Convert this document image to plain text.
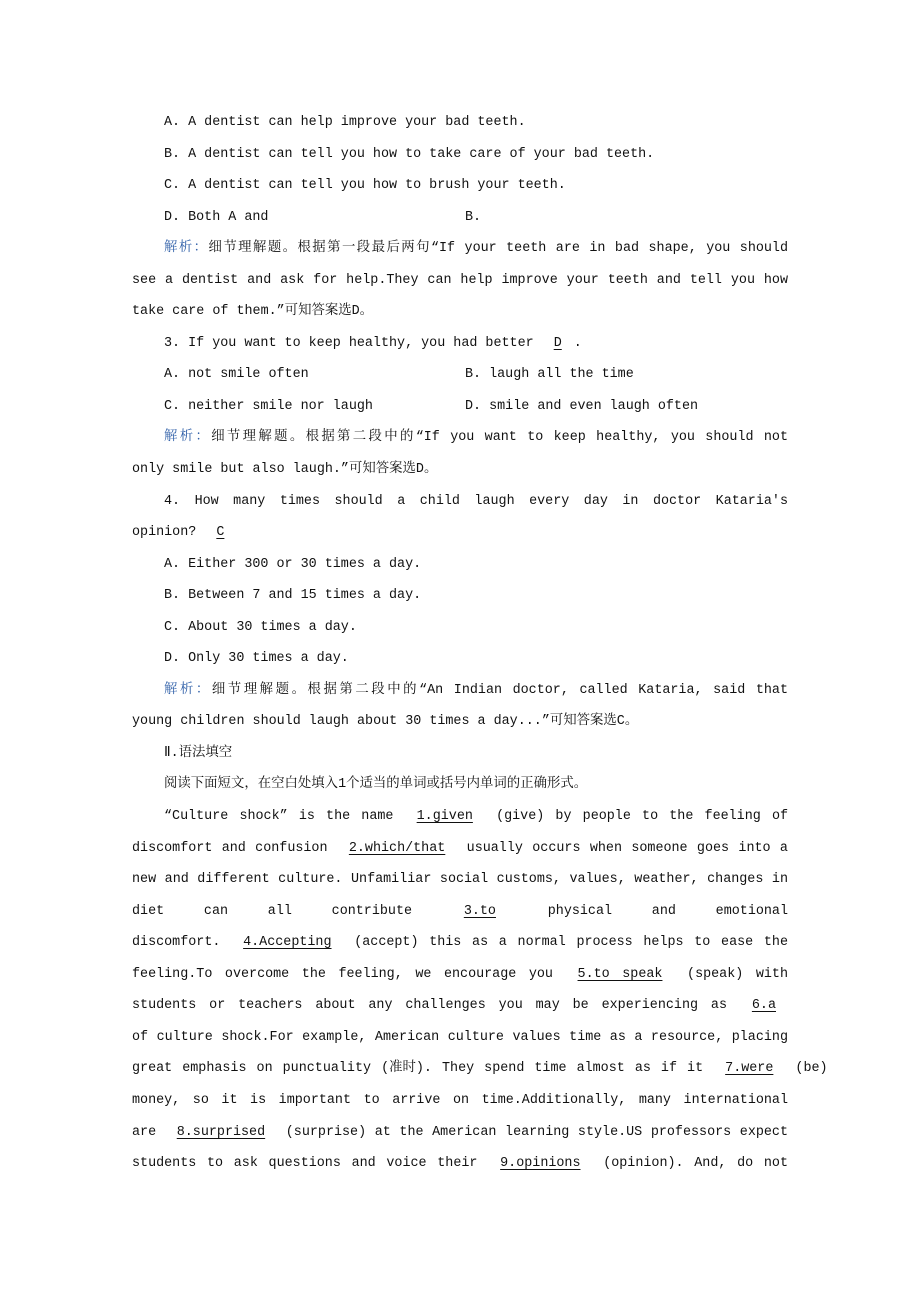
A. A dentist can help improve your bad teeth.
B. A dentist can tell you how to take care of your bad teeth.
C. A dentist can tell you how to brush your teeth.
D. Both A and	B.
解析：细节理解题。根据第一段最后两句“If your teeth are in bad shape, you should
see a dentist and ask for help.They can help improve your teeth and tell you how
take care of them.”可知答案选D。
3. If you want to keep healthy, you had better D .
A. not smile often	B. laugh all the time
C. neither smile nor laugh	D. smile and even laugh often
解析：细节理解题。根据第二段中的“If you want to keep healthy, you should not
only smile but also laugh.”可知答案选D。
4. How many times should a child laugh every day in doctor Kataria's
opinion? C
A. Either 300 or 30 times a day.
B. Between 7 and 15 times a day.
C. About 30 times a day.
D. Only 30 times a day.
解析：细节理解题。根据第二段中的“An Indian doctor, called Kataria, said that
young children should laugh about 30 times a day...”可知答案选C。
Ⅱ.语法填空
阅读下面短文，在空白处填入1个适当的单词或括号内单词的正确形式。
“Culture shock” is the name 1.given (give) by people to the feeling of
discomfort and confusion 2.which/that usually occurs when someone goes into a
new and different culture. Unfamiliar social customs, values, weather, changes in
diet can all contribute	3.to	physical and emotional
discomfort. 4.Accepting (accept) this as a normal process helps to ease the
feeling.To overcome the feeling, we encourage you 5.to speak (speak) with
students or teachers about any challenges you may be experiencing as 6.a
of culture shock.For example, American culture values time as a resource, placing
great emphasis on punctuality (准时). They spend time almost as if it 7.were (be)
money, so it is important to arrive on time.Additionally, many international
are 8.surprised (surprise) at the American learning style.US professors expect
students to ask questions and voice their 9.opinions (opinion). And, do not
